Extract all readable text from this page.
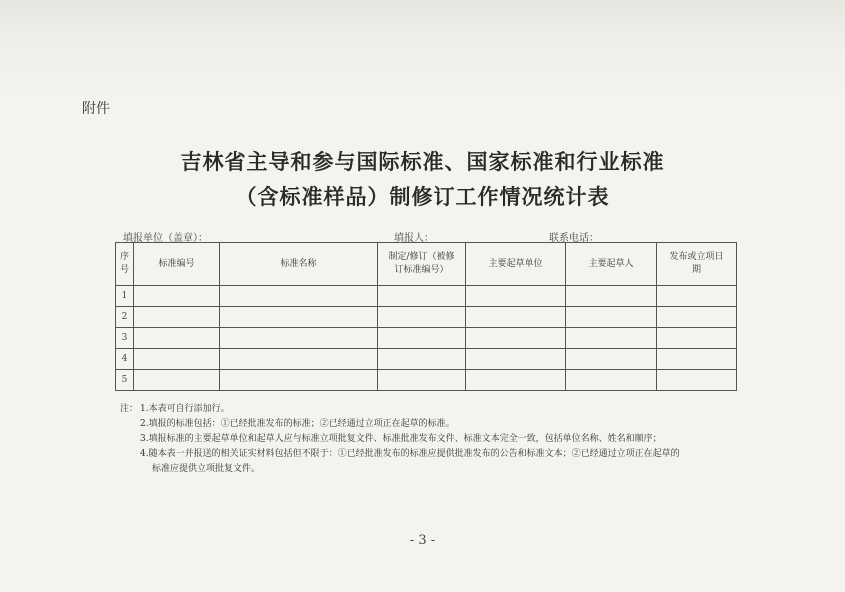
附件
吉林省主导和参与国际标准、国家标准和行业标准
（含标准样品）制修订工作情况统计表
填报单位（盖章）：	填报人：	联系电话：
序号	标准编号	标准名称	制定/修订（被修订标准编号）	主要起草单位	主要起草人	发布或立项日期
1						
2						
3						
4						
5						
注： 1.本表可自行添加行。
2.填报的标准包括：①已经批准发布的标准；②已经通过立项正在起草的标准。
3.填报标准的主要起草单位和起草人应与标准立项批复文件、标准批准发布文件、标准文本完全一致，包括单位名称、姓名和顺序；
4.随本表一并报送的相关证实材料包括但不限于：①已经批准发布的标准应提供批准发布的公告和标准文本；②已经通过立项正在起草的
标准应提供立项批复文件。
- 3 -
